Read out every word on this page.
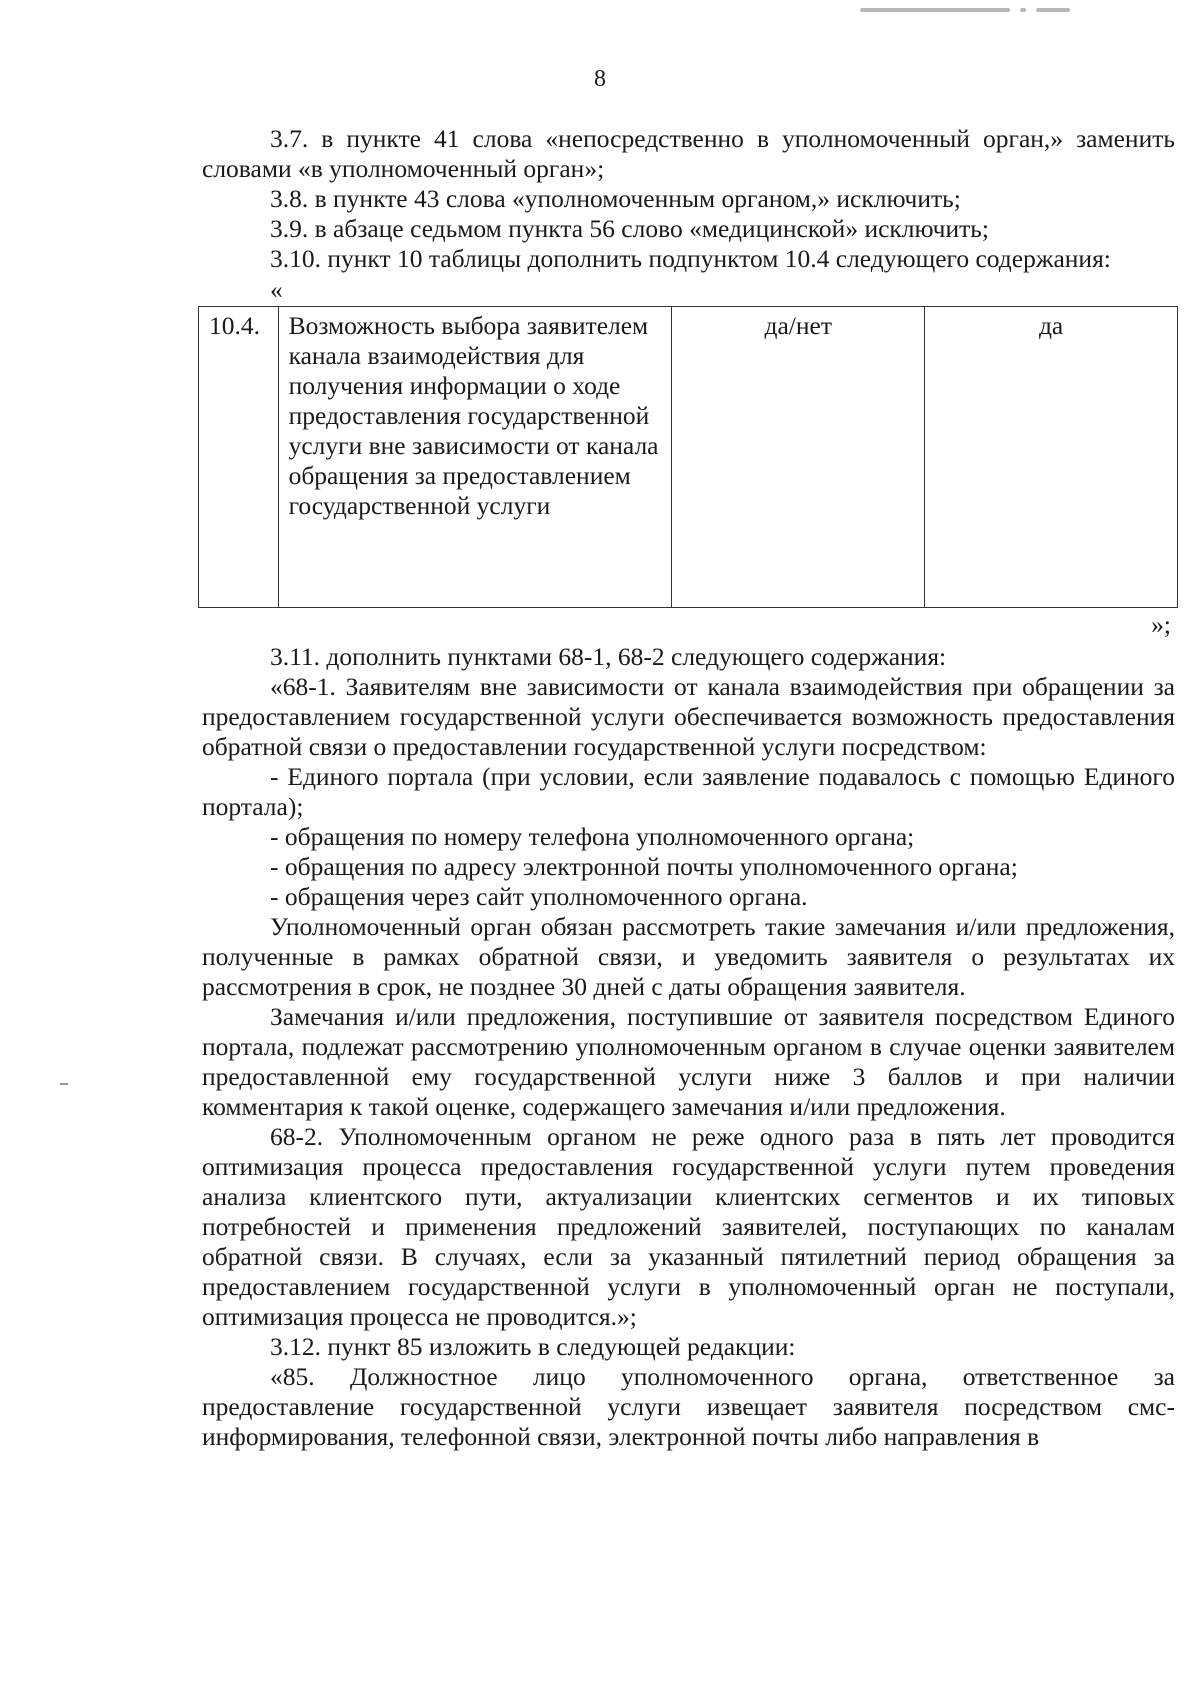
8

3.7. в пункте 41 слова «непосредственно в уполномоченный орган,» заменить словами «в уполномоченный орган»;

3.8. в пункте 43 слова «уполномоченным органом,» исключить;

3.9. в абзаце седьмом пункта 56 слово «медицинской» исключить;

3.10. пункт 10 таблицы дополнить подпунктом 10.4 следующего содержания:

«
10.4.	Возможность выбора заявителем канала взаимодействия для получения информации о ходе предоставления государственной услуги вне зависимости от канала обращения за предоставлением государственной услуги	да/нет	да
»;

3.11. дополнить пунктами 68-1, 68-2 следующего содержания:

«68-1. Заявителям вне зависимости от канала взаимодействия при обращении за предоставлением государственной услуги обеспечивается возможность предоставления обратной связи о предоставлении государственной услуги посредством:

- Единого портала (при условии, если заявление подавалось с помощью Единого портала);

- обращения по номеру телефона уполномоченного органа;

- обращения по адресу электронной почты уполномоченного органа;

- обращения через сайт уполномоченного органа.

Уполномоченный орган обязан рассмотреть такие замечания и/или предложения, полученные в рамках обратной связи, и уведомить заявителя о результатах их рассмотрения в срок, не позднее 30 дней с даты обращения заявителя.

Замечания и/или предложения, поступившие от заявителя посредством Единого портала, подлежат рассмотрению уполномоченным органом в случае оценки заявителем предоставленной ему государственной услуги ниже 3 баллов и при наличии комментария к такой оценке, содержащего замечания и/или предложения.

68-2. Уполномоченным органом не реже одного раза в пять лет проводится оптимизация процесса предоставления государственной услуги путем проведения анализа клиентского пути, актуализации клиентских сегментов и их типовых потребностей и применения предложений заявителей, поступающих по каналам обратной связи. В случаях, если за указанный пятилетний период обращения за предоставлением государственной услуги в уполномоченный орган не поступали, оптимизация процесса не проводится.»;

3.12. пункт 85 изложить в следующей редакции:

«85. Должностное лицо уполномоченного органа, ответственное за предоставление государственной услуги извещает заявителя посредством смс-информирования, телефонной связи, электронной почты либо направления в
